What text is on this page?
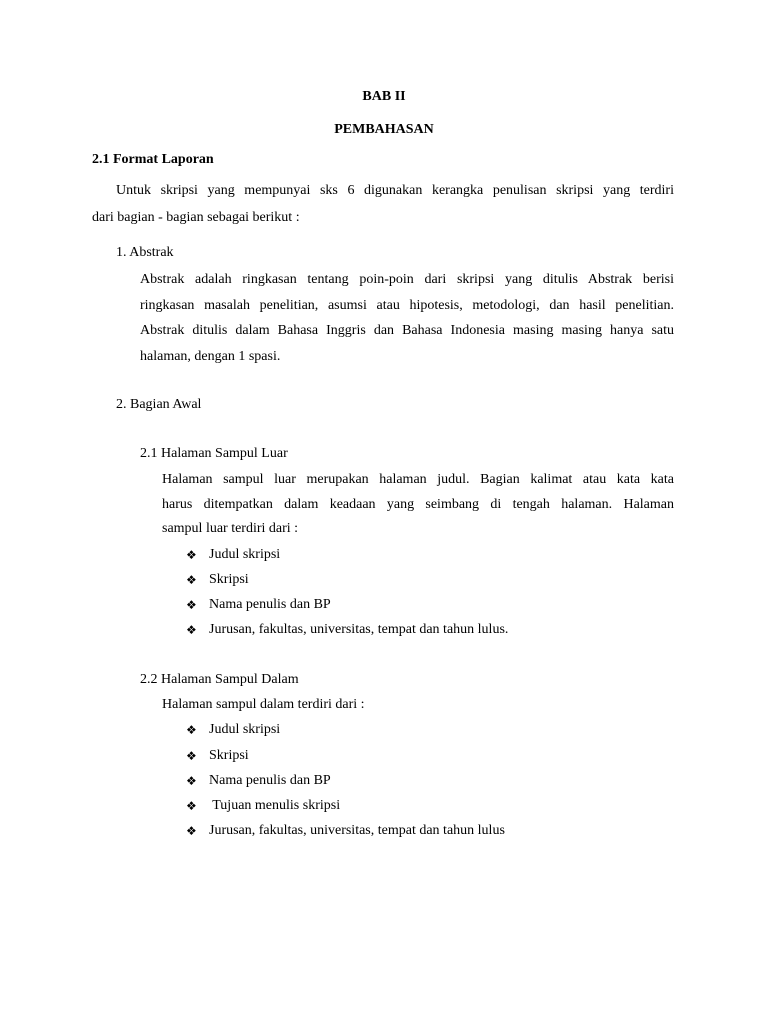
BAB II
PEMBAHASAN
2.1 Format Laporan
Untuk skripsi yang mempunyai sks 6 digunakan kerangka penulisan skripsi yang terdiri
dari bagian - bagian sebagai berikut :
1. Abstrak
Abstrak adalah ringkasan tentang poin-poin dari skripsi yang ditulis Abstrak berisi
ringkasan masalah penelitian, asumsi atau hipotesis, metodologi, dan hasil penelitian.
Abstrak ditulis dalam Bahasa Inggris dan Bahasa Indonesia masing masing hanya satu
halaman, dengan 1 spasi.
2. Bagian Awal
2.1 Halaman Sampul Luar
Halaman sampul luar merupakan halaman judul. Bagian kalimat atau kata kata
harus ditempatkan dalam keadaan yang seimbang di tengah halaman. Halaman
sampul luar terdiri dari :
❖ Judul skripsi
❖ Skripsi
❖ Nama penulis dan BP
❖ Jurusan, fakultas, universitas, tempat dan tahun lulus.
2.2 Halaman Sampul Dalam
Halaman sampul dalam terdiri dari :
❖ Judul skripsi
❖ Skripsi
❖ Nama penulis dan BP
❖ Tujuan menulis skripsi
❖ Jurusan, fakultas, universitas, tempat dan tahun lulus
